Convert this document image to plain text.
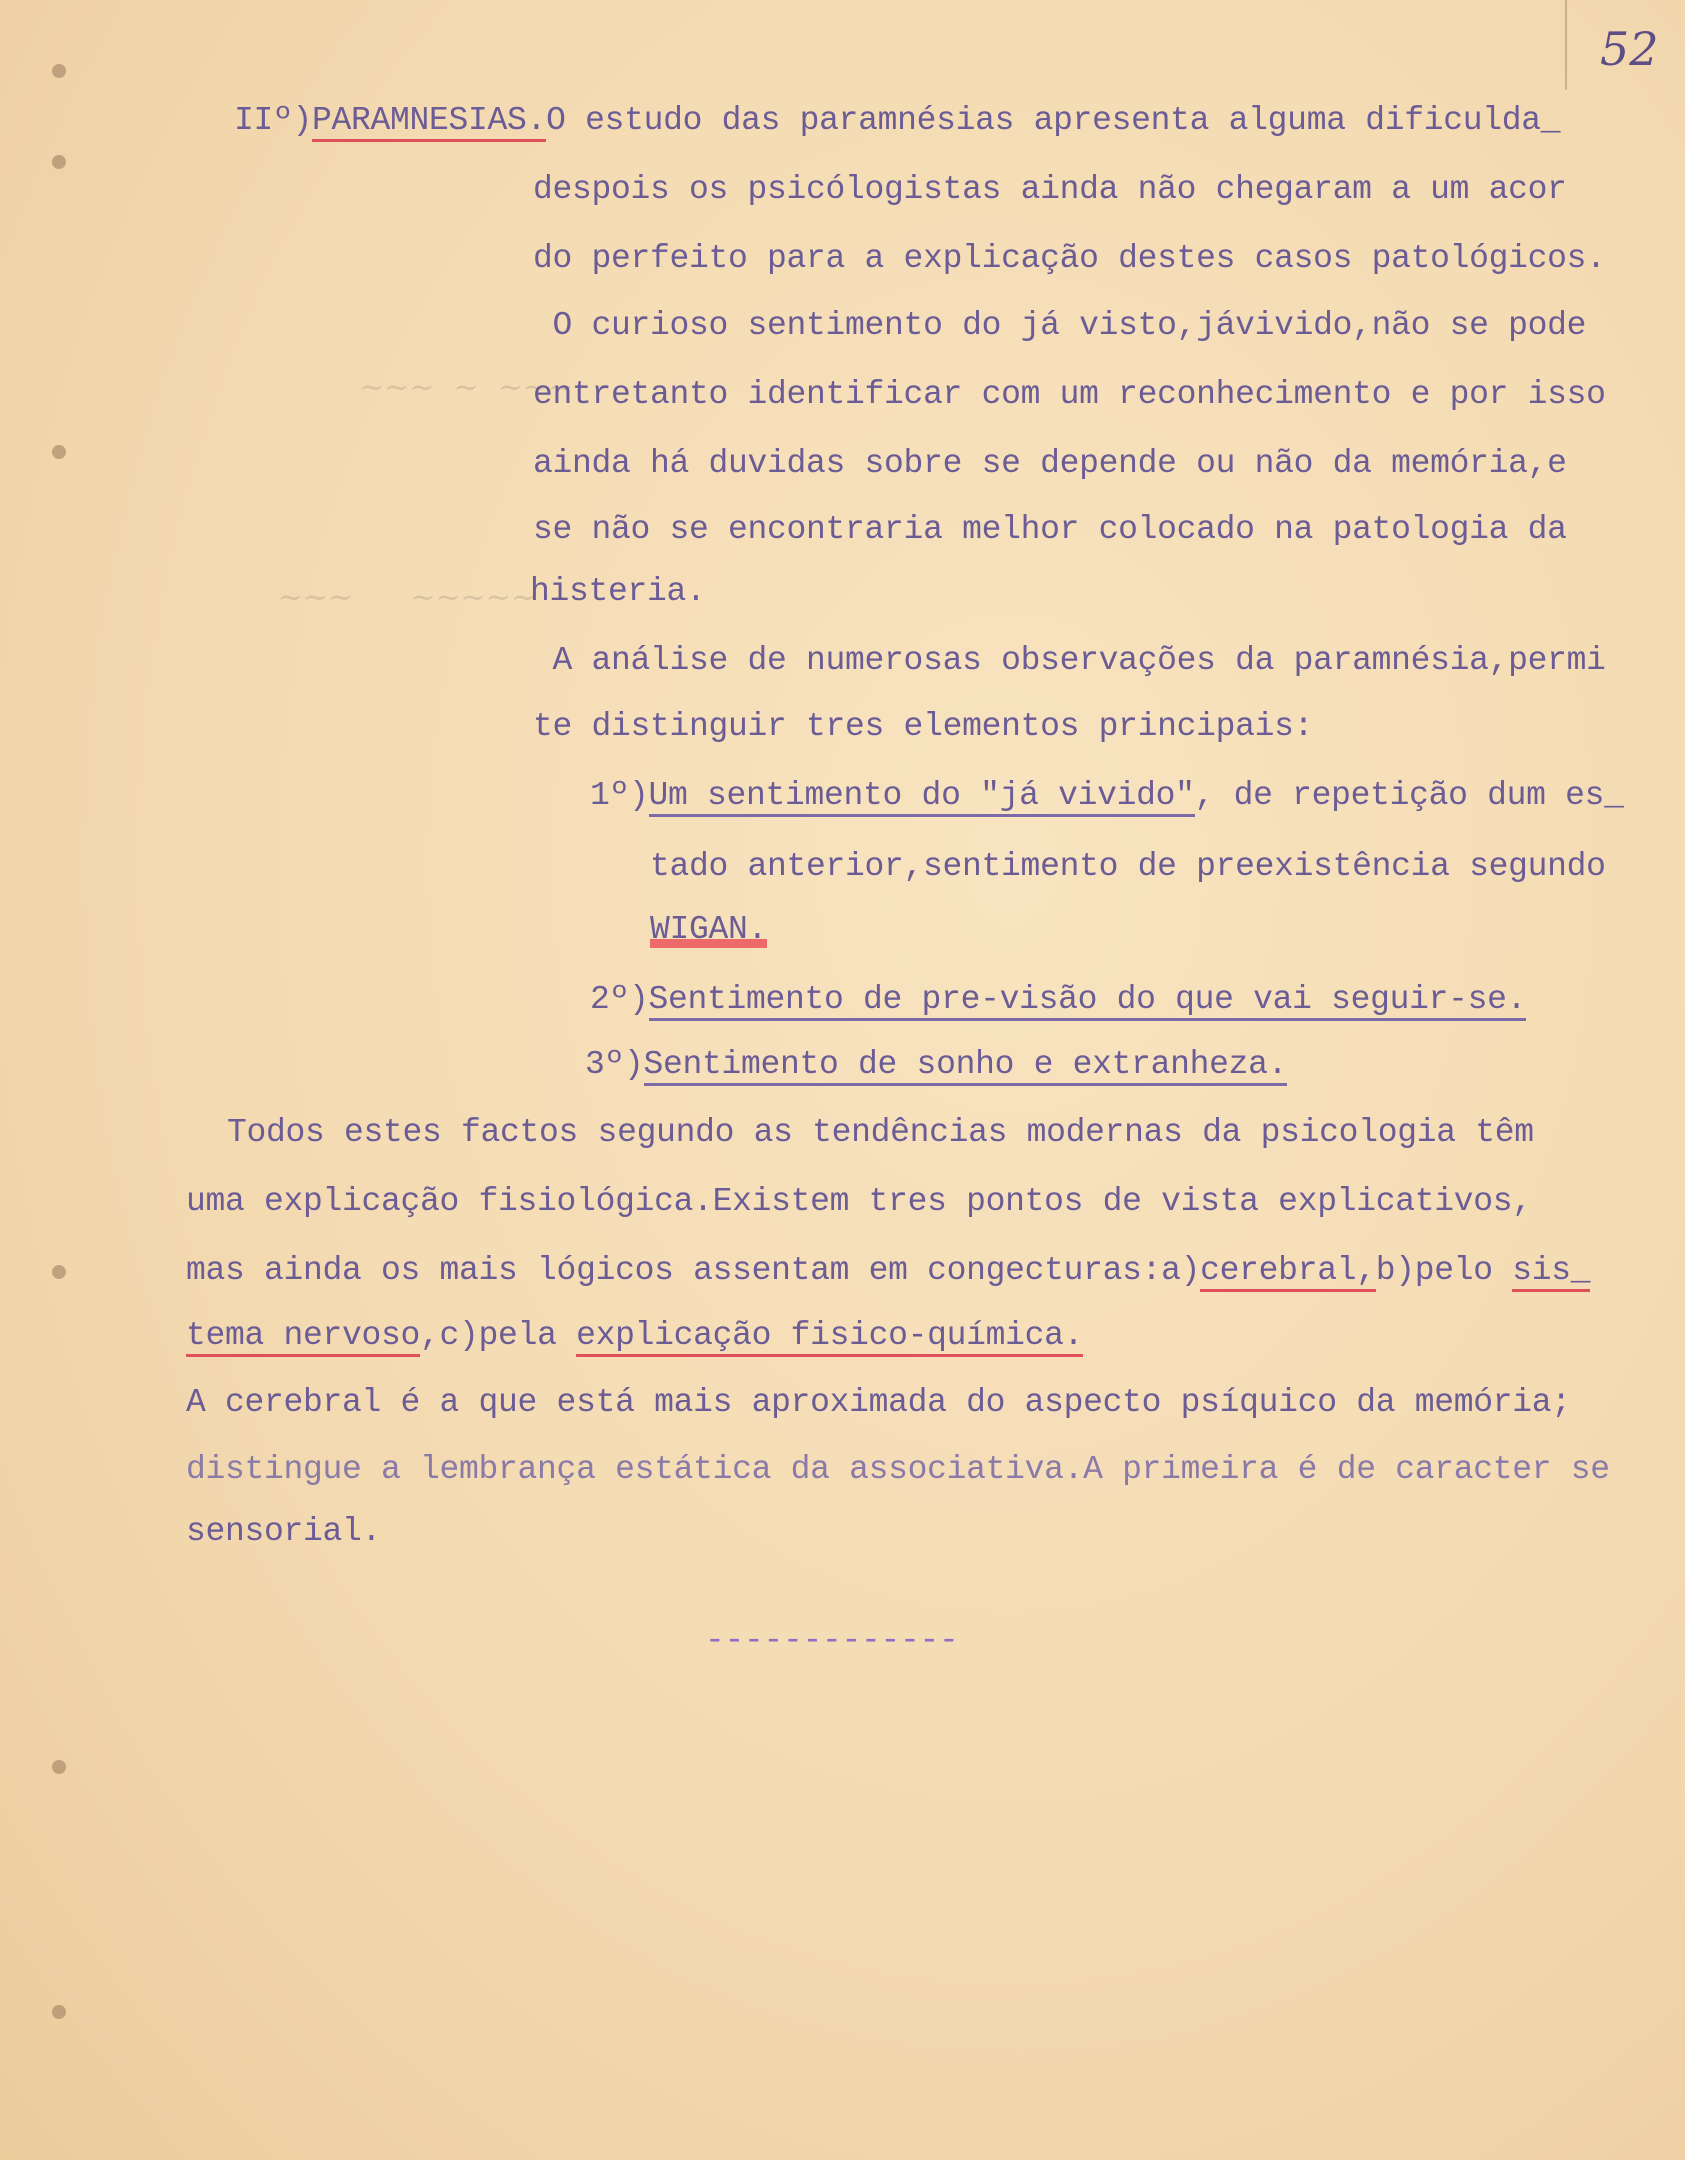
52
~~~  ~  ~~~
~~~      ~~~~~
IIº)PARAMNESIAS.O estudo das paramnésias apresenta alguma dificulda_
despois os psicólogistas ainda não chegaram a um acor
do perfeito para a explicação destes casos patológicos.
O curioso sentimento do já visto,jávivido,não se pode
entretanto identificar com um reconhecimento e por isso
ainda há duvidas sobre se depende ou não da memória,e
se não se encontraria melhor colocado na patologia da
histeria.
A análise de numerosas observações da paramnésia,permi
te distinguir tres elementos principais:
1º)Um sentimento do "já vivido", de repetição dum es_
tado anterior,sentimento de preexistência segundo
WIGAN.
2º)Sentimento de pre-visão do que vai seguir-se.
3º)Sentimento de sonho e extranheza.
Todos estes factos segundo as tendências modernas da psicologia têm
uma explicação fisiológica.Existem tres pontos de vista explicativos,
mas ainda os mais lógicos assentam em congecturas:a)cerebral,b)pelo sis_
tema nervoso,c)pela explicação fisico-química.
A cerebral é a que está mais aproximada do aspecto psíquico da memória;
distingue a lembrança estática da associativa.A primeira é de caracter se
sensorial.
-------------
